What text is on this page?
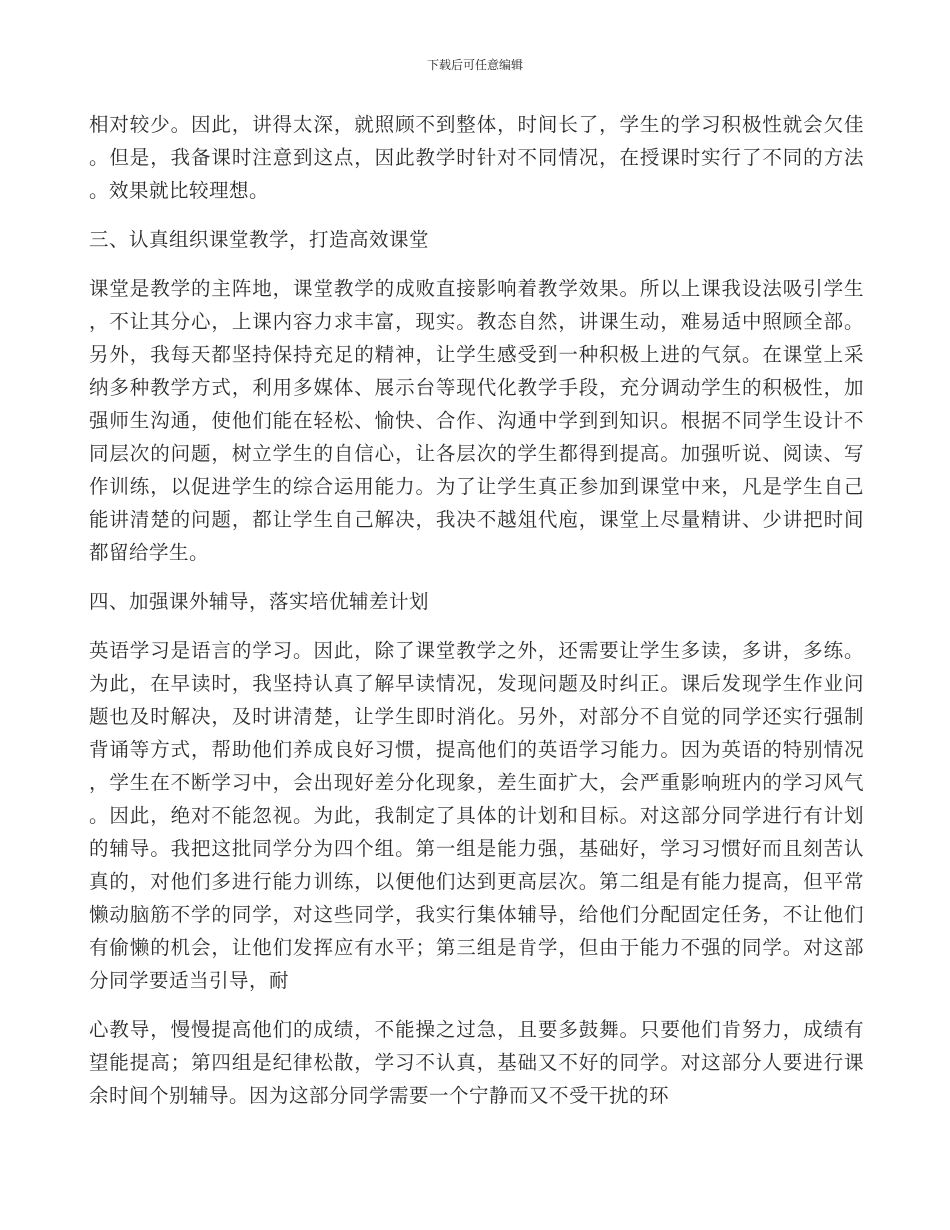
下载后可任意编辑

相对较少。因此，讲得太深，就照顾不到整体，时间长了，学生的学习积极性就会欠佳。但是，我备课时注意到这点，因此教学时针对不同情况，在授课时实行了不同的方法。效果就比较理想。

三、认真组织课堂教学，打造高效课堂

课堂是教学的主阵地，课堂教学的成败直接影响着教学效果。所以上课我设法吸引学生，不让其分心，上课内容力求丰富，现实。教态自然，讲课生动，难易适中照顾全部。另外，我每天都坚持保持充足的精神，让学生感受到一种积极上进的气氛。在课堂上采纳多种教学方式，利用多媒体、展示台等现代化教学手段，充分调动学生的积极性，加强师生沟通，使他们能在轻松、愉快、合作、沟通中学到到知识。根据不同学生设计不同层次的问题，树立学生的自信心，让各层次的学生都得到提高。加强听说、阅读、写作训练，以促进学生的综合运用能力。为了让学生真正参加到课堂中来，凡是学生自己能讲清楚的问题，都让学生自己解决，我决不越俎代庖，课堂上尽量精讲、少讲把时间都留给学生。

四、加强课外辅导，落实培优辅差计划

英语学习是语言的学习。因此，除了课堂教学之外，还需要让学生多读，多讲，多练。为此，在早读时，我坚持认真了解早读情况，发现问题及时纠正。课后发现学生作业问题也及时解决，及时讲清楚，让学生即时消化。另外，对部分不自觉的同学还实行强制背诵等方式，帮助他们养成良好习惯，提高他们的英语学习能力。因为英语的特别情况，学生在不断学习中，会出现好差分化现象，差生面扩大，会严重影响班内的学习风气。因此，绝对不能忽视。为此，我制定了具体的计划和目标。对这部分同学进行有计划的辅导。我把这批同学分为四个组。第一组是能力强，基础好，学习习惯好而且刻苦认真的，对他们多进行能力训练，以便他们达到更高层次。第二组是有能力提高，但平常懒动脑筋不学的同学，对这些同学，我实行集体辅导，给他们分配固定任务，不让他们有偷懒的机会，让他们发挥应有水平；第三组是肯学，但由于能力不强的同学。对这部分同学要适当引导，耐

心教导，慢慢提高他们的成绩，不能操之过急，且要多鼓舞。只要他们肯努力，成绩有望能提高；第四组是纪律松散，学习不认真，基础又不好的同学。对这部分人要进行课余时间个别辅导。因为这部分同学需要一个宁静而又不受干扰的环
